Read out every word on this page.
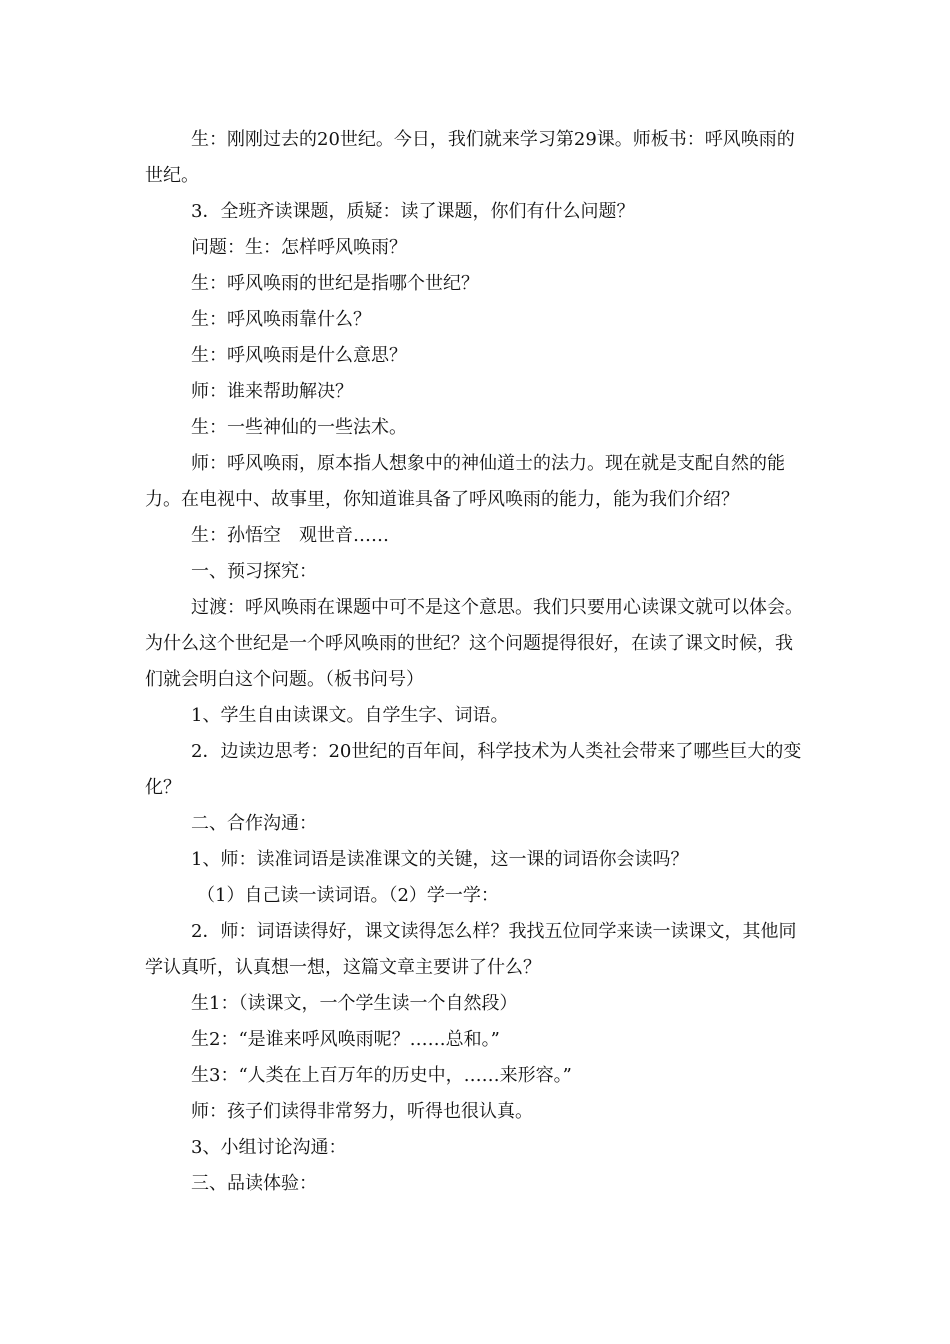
生：刚刚过去的20世纪。今日，我们就来学习第29课。师板书：呼风唤雨的世纪。

3．全班齐读课题，质疑：读了课题，你们有什么问题？

问题：生：怎样呼风唤雨？

生：呼风唤雨的世纪是指哪个世纪？

生：呼风唤雨靠什么？

生：呼风唤雨是什么意思？

师：谁来帮助解决？

生：一些神仙的一些法术。

师：呼风唤雨，原本指人想象中的神仙道士的法力。现在就是支配自然的能力。在电视中、故事里，你知道谁具备了呼风唤雨的能力，能为我们介绍？

生：孙悟空　观世音……

一、预习探究：

过渡：呼风唤雨在课题中可不是这个意思。我们只要用心读课文就可以体会。为什么这个世纪是一个呼风唤雨的世纪？这个问题提得很好，在读了课文时候，我们就会明白这个问题。（板书问号）

1、学生自由读课文。自学生字、词语。

2．边读边思考：20世纪的百年间，科学技术为人类社会带来了哪些巨大的变化？

二、合作沟通：

1、师：读准词语是读准课文的关键，这一课的词语你会读吗？

（1）自己读一读词语。（2）学一学：

2．师：词语读得好，课文读得怎么样？我找五位同学来读一读课文，其他同学认真听，认真想一想，这篇文章主要讲了什么？

生1：（读课文，一个学生读一个自然段）

生2：“是谁来呼风唤雨呢？……总和。”

生3：“人类在上百万年的历史中，……来形容。”

师：孩子们读得非常努力，听得也很认真。

3、小组讨论沟通：

三、品读体验：
